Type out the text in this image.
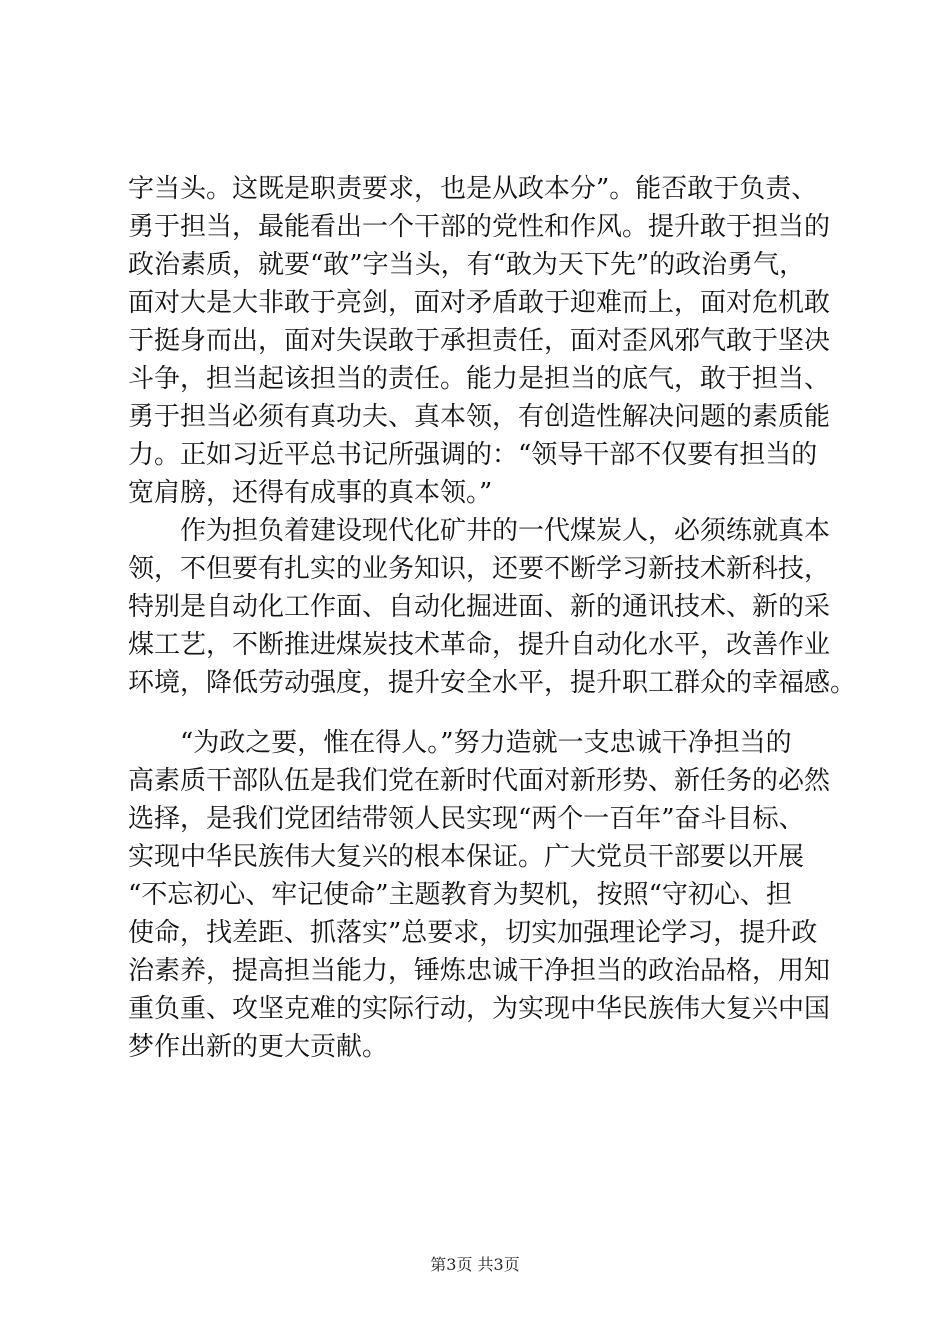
字当头。这既是职责要求，也是从政本分”。能否敢于负责、
勇于担当，最能看出一个干部的党性和作风。提升敢于担当的
政治素质，就要“敢”字当头，有“敢为天下先”的政治勇气，
面对大是大非敢于亮剑，面对矛盾敢于迎难而上，面对危机敢
于挺身而出，面对失误敢于承担责任，面对歪风邪气敢于坚决
斗争，担当起该担当的责任。能力是担当的底气，敢于担当、
勇于担当必须有真功夫、真本领，有创造性解决问题的素质能
力。正如习近平总书记所强调的：“领导干部不仅要有担当的
宽肩膀，还得有成事的真本领。”
作为担负着建设现代化矿井的一代煤炭人，必须练就真本
领，不但要有扎实的业务知识，还要不断学习新技术新科技，
特别是自动化工作面、自动化掘进面、新的通讯技术、新的采
煤工艺，不断推进煤炭技术革命，提升自动化水平，改善作业
环境，降低劳动强度，提升安全水平，提升职工群众的幸福感。
“为政之要，惟在得人。”努力造就一支忠诚干净担当的
高素质干部队伍是我们党在新时代面对新形势、新任务的必然
选择，是我们党团结带领人民实现“两个一百年”奋斗目标、
实现中华民族伟大复兴的根本保证。广大党员干部要以开展
“不忘初心、牢记使命”主题教育为契机，按照“守初心、担
使命，找差距、抓落实”总要求，切实加强理论学习，提升政
治素养，提高担当能力，锤炼忠诚干净担当的政治品格，用知
重负重、攻坚克难的实际行动，为实现中华民族伟大复兴中国
梦作出新的更大贡献。
第3页 共3页
